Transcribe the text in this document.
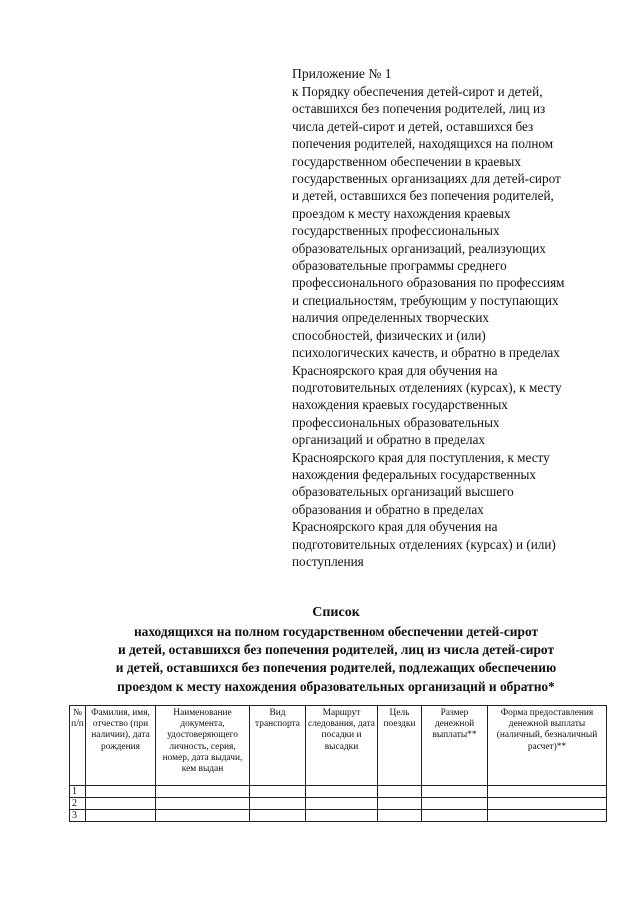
Приложение № 1
к Порядку обеспечения детей-сирот и детей,
оставшихся без попечения родителей, лиц из
числа детей-сирот и детей, оставшихся без
попечения родителей, находящихся на полном
государственном обеспечении в краевых
государственных организациях для детей-сирот
и детей, оставшихся без попечения родителей,
проездом к месту нахождения краевых
государственных профессиональных
образовательных организаций, реализующих
образовательные программы среднего
профессионального образования по профессиям
и специальностям, требующим у поступающих
наличия определенных творческих
способностей, физических и (или)
психологических качеств, и обратно в пределах
Красноярского края для обучения на
подготовительных отделениях (курсах), к месту
нахождения краевых государственных
профессиональных образовательных
организаций и обратно в пределах
Красноярского края для поступления, к месту
нахождения федеральных государственных
образовательных организаций высшего
образования и обратно в пределах
Красноярского края для обучения на
подготовительных отделениях (курсах) и (или)
поступления
Список
находящихся на полном государственном обеспечении детей-сирот
и детей, оставшихся без попечения родителей, лиц из числа детей-сирот
и детей, оставшихся без попечения родителей, подлежащих обеспечению
проездом к месту нахождения образовательных организаций и обратно*
№ п/п	Фамилия, имя, отчество (при наличии), дата рождения	Наименование документа, удостоверяющего личность, серия, номер, дата выдачи, кем выдан	Вид транспорта	Маршрут следования, дата посадки и высадки	Цель поездки	Размер денежной выплаты**	Форма предоставления денежной выплаты (наличный, безналичный расчет)**

1							
2							
3							
